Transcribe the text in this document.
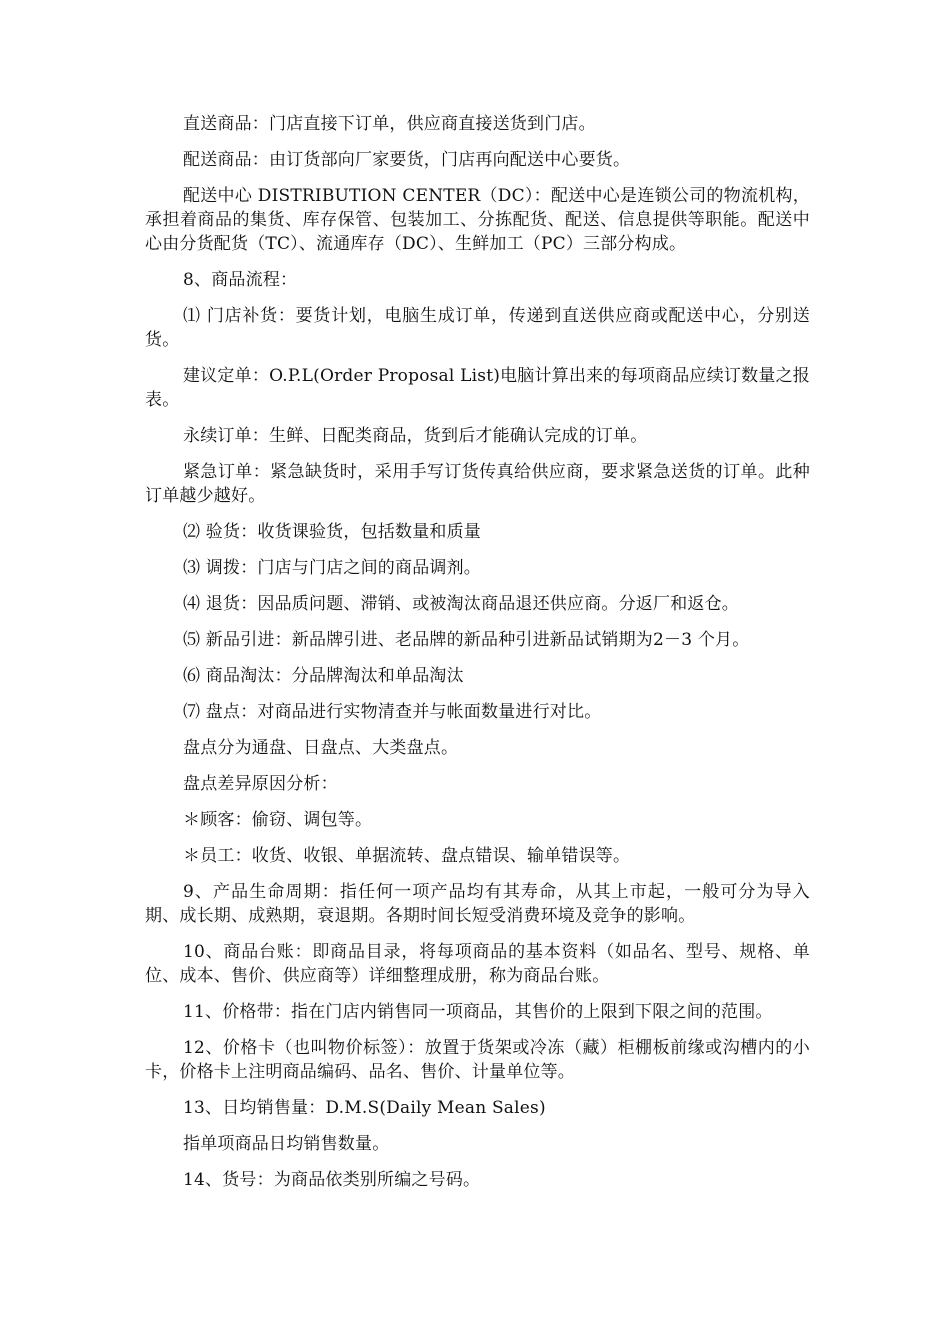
直送商品：门店直接下订单，供应商直接送货到门店。

配送商品：由订货部向厂家要货，门店再向配送中心要货。

配送中心 DISTRIBUTION CENTER（DC）：配送中心是连锁公司的物流机构，承担着商品的集货、库存保管、包装加工、分拣配货、配送、信息提供等职能。配送中心由分货配货（TC）、流通库存（DC）、生鲜加工（PC）三部分构成。

8、商品流程：

⑴ 门店补货：要货计划，电脑生成订单，传递到直送供应商或配送中心，分别送货。

建议定单：O.P.L(Order Proposal List)电脑计算出来的每项商品应续订数量之报表。

永续订单：生鲜、日配类商品，货到后才能确认完成的订单。

紧急订单：紧急缺货时，采用手写订货传真给供应商，要求紧急送货的订单。此种订单越少越好。

⑵ 验货：收货课验货，包括数量和质量

⑶ 调拨：门店与门店之间的商品调剂。

⑷ 退货：因品质问题、滞销、或被淘汰商品退还供应商。分返厂和返仓。

⑸ 新品引进：新品牌引进、老品牌的新品种引进新品试销期为2－3 个月。

⑹ 商品淘汰：分品牌淘汰和单品淘汰

⑺ 盘点：对商品进行实物清查并与帐面数量进行对比。

盘点分为通盘、日盘点、大类盘点。

盘点差异原因分析：

＊顾客：偷窃、调包等。

＊员工：收货、收银、单据流转、盘点错误、输单错误等。

9、产品生命周期：指任何一项产品均有其寿命，从其上市起，一般可分为导入期、成长期、成熟期，衰退期。各期时间长短受消费环境及竞争的影响。

10、商品台账：即商品目录，将每项商品的基本资料（如品名、型号、规格、单位、成本、售价、供应商等）详细整理成册，称为商品台账。

11、价格带：指在门店内销售同一项商品，其售价的上限到下限之间的范围。

12、价格卡（也叫物价标签）：放置于货架或冷冻（藏）柜棚板前缘或沟槽内的小卡，价格卡上注明商品编码、品名、售价、计量单位等。

13、日均销售量：D.M.S(Daily Mean Sales)

指单项商品日均销售数量。

14、货号：为商品依类别所编之号码。
